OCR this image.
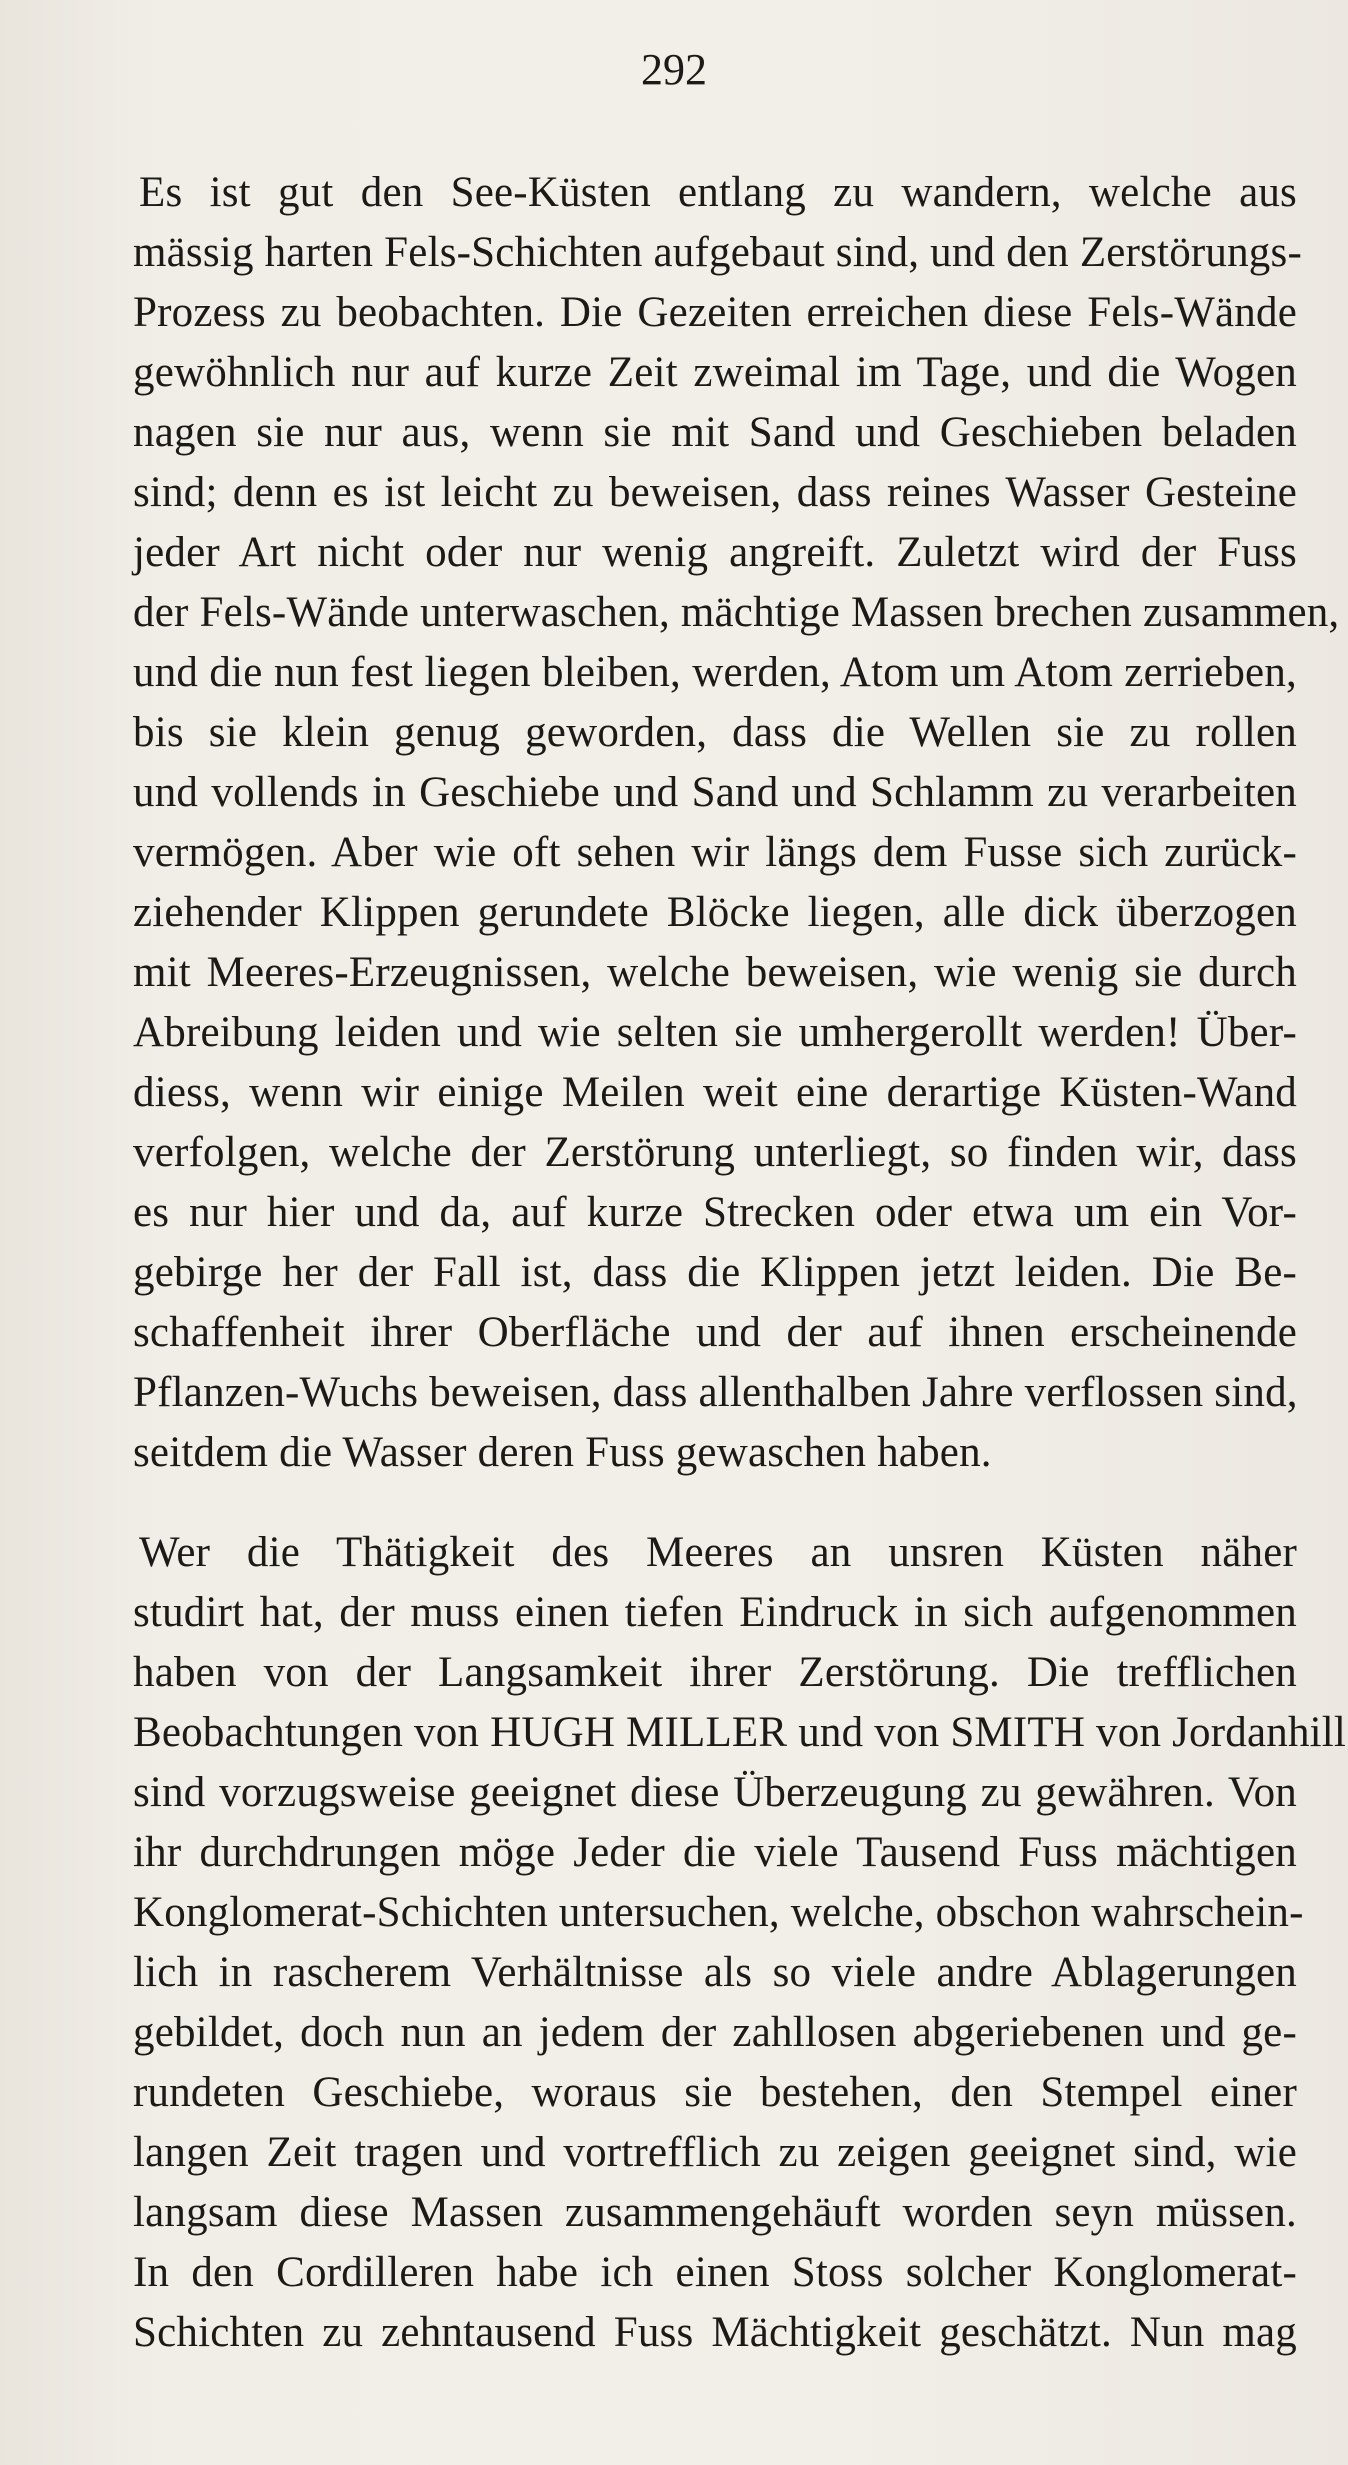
292
Es ist gut den See-Küsten entlang zu wandern, welche aus
mässig harten Fels-Schichten aufgebaut sind, und den Zerstörungs-
Prozess zu beobachten. Die Gezeiten erreichen diese Fels-Wände
gewöhnlich nur auf kurze Zeit zweimal im Tage, und die Wogen
nagen sie nur aus, wenn sie mit Sand und Geschieben beladen
sind; denn es ist leicht zu beweisen, dass reines Wasser Gesteine
jeder Art nicht oder nur wenig angreift. Zuletzt wird der Fuss
der Fels-Wände unterwaschen, mächtige Massen brechen zusammen,
und die nun fest liegen bleiben, werden, Atom um Atom zerrieben,
bis sie klein genug geworden, dass die Wellen sie zu rollen
und vollends in Geschiebe und Sand und Schlamm zu verarbeiten
vermögen. Aber wie oft sehen wir längs dem Fusse sich zurück-
ziehender Klippen gerundete Blöcke liegen, alle dick überzogen
mit Meeres-Erzeugnissen, welche beweisen, wie wenig sie durch
Abreibung leiden und wie selten sie umhergerollt werden! Über-
diess, wenn wir einige Meilen weit eine derartige Küsten-Wand
verfolgen, welche der Zerstörung unterliegt, so finden wir, dass
es nur hier und da, auf kurze Strecken oder etwa um ein Vor-
gebirge her der Fall ist, dass die Klippen jetzt leiden. Die Be-
schaffenheit ihrer Oberfläche und der auf ihnen erscheinende
Pflanzen-Wuchs beweisen, dass allenthalben Jahre verflossen sind,
seitdem die Wasser deren Fuss gewaschen haben.
Wer die Thätigkeit des Meeres an unsren Küsten näher
studirt hat, der muss einen tiefen Eindruck in sich aufgenommen
haben von der Langsamkeit ihrer Zerstörung. Die trefflichen
Beobachtungen von HUGH MILLER und von SMITH von Jordanhill
sind vorzugsweise geeignet diese Überzeugung zu gewähren. Von
ihr durchdrungen möge Jeder die viele Tausend Fuss mächtigen
Konglomerat-Schichten untersuchen, welche, obschon wahrschein-
lich in rascherem Verhältnisse als so viele andre Ablagerungen
gebildet, doch nun an jedem der zahllosen abgeriebenen und ge-
rundeten Geschiebe, woraus sie bestehen, den Stempel einer
langen Zeit tragen und vortrefflich zu zeigen geeignet sind, wie
langsam diese Massen zusammengehäuft worden seyn müssen.
In den Cordilleren habe ich einen Stoss solcher Konglomerat-
Schichten zu zehntausend Fuss Mächtigkeit geschätzt. Nun mag
